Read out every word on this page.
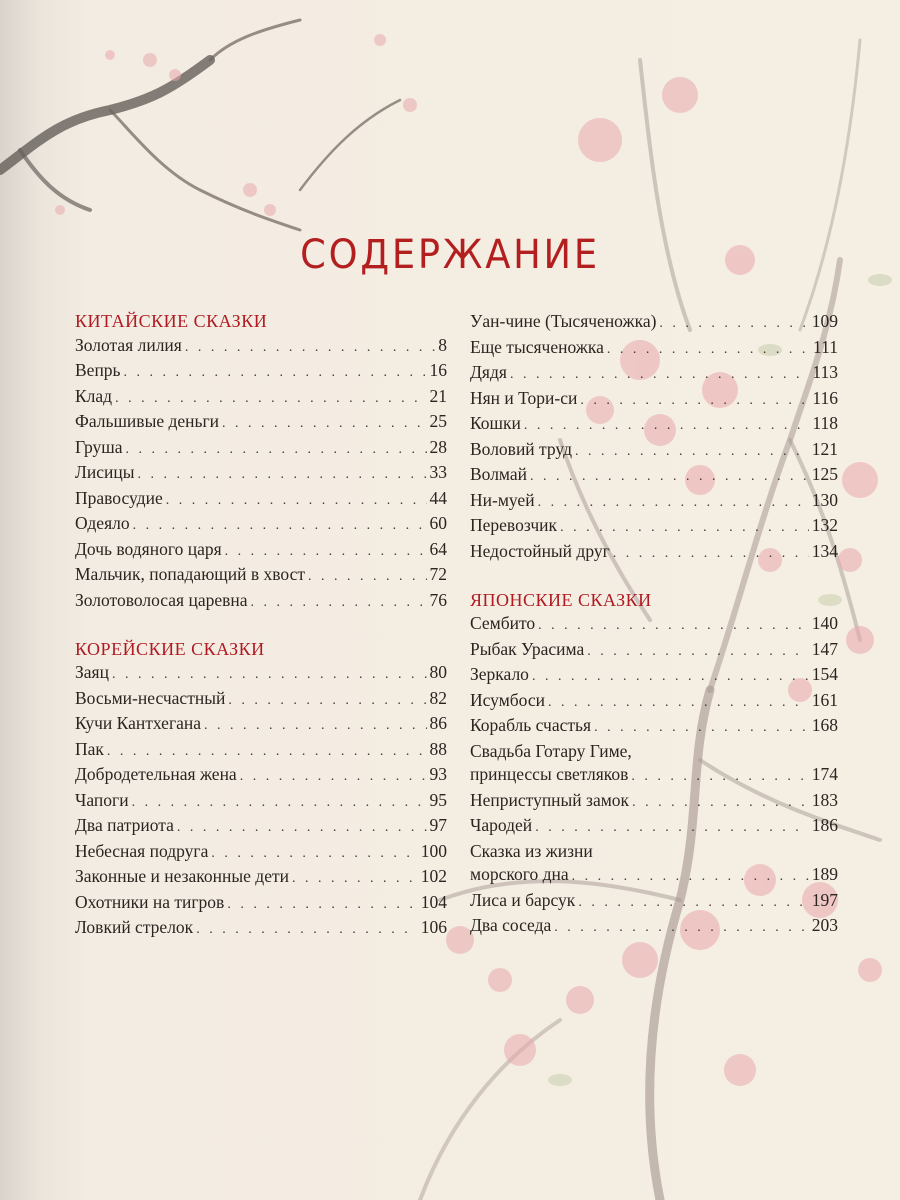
СОДЕРЖАНИЕ
КИТАЙСКИЕ СКАЗКИ
Золотая лилия . . .	8
Вепрь . . .	16
Клад . . .	21
Фальшивые деньги . . .	25
Груша . . .	28
Лисицы . . .	33
Правосудие . . .	44
Одеяло . . .	60
Дочь водяного царя . . .	64
Мальчик, попадающий в хвост . . .	72
Золотоволосая царевна . . .	76
КОРЕЙСКИЕ СКАЗКИ
Заяц . . .	80
Восьми-несчастный . . .	82
Кучи Кантхегана . . .	86
Пак . . .	88
Добродетельная жена . . .	93
Чапоги . . .	95
Два патриота . . .	97
Небесная подруга . . .	100
Законные и незаконные дети . . .	102
Охотники на тигров . . .	104
Ловкий стрелок . . .	106
Уан-чине (Тысяченожка) . . .	109
Еще тысяченожка . . .	111
Дядя . . .	113
Нян и Тори-си . . .	116
Кошки . . .	118
Воловий труд . . .	121
Волмай . . .	125
Ни-муей . . .	130
Перевозчик . . .	132
Недостойный друг . . .	134
ЯПОНСКИЕ СКАЗКИ
Сембито . . .	140
Рыбак Урасима . . .	147
Зеркало . . .	154
Исумбоси . . .	161
Корабль счастья . . .	168
Свадьба Готару Гиме,
принцессы светляков . . .	174
Неприступный замок . . .	183
Чародей . . .	186
Сказка из жизни
морского дна . . .	189
Лиса и барсук . . .	197
Два соседа . . .	203
